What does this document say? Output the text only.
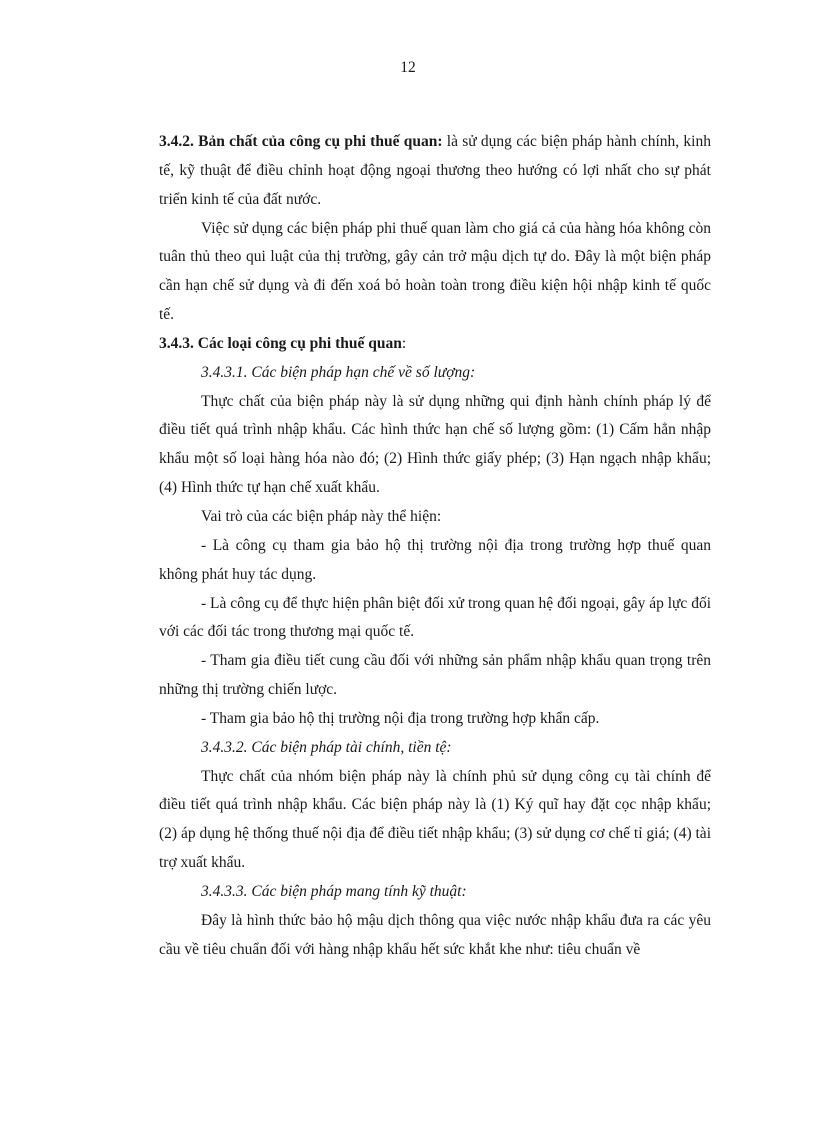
12

3.4.2. Bản chất của công cụ phi thuế quan: là sử dụng các biện pháp hành chính, kinh tế, kỹ thuật để điều chỉnh hoạt động ngoại thương theo hướng có lợi nhất cho sự phát triển kinh tế của đất nước.

Việc sử dụng các biện pháp phi thuế quan làm cho giá cả của hàng hóa không còn tuân thủ theo qui luật của thị trường, gây cản trở mậu dịch tự do. Đây là một biện pháp cần hạn chế sử dụng và đi đến xoá bỏ hoàn toàn trong điều kiện hội nhập kinh tế quốc tế.

3.4.3. Các loại công cụ phi thuế quan:

3.4.3.1. Các biện pháp hạn chế về số lượng:

Thực chất của biện pháp này là sử dụng những qui định hành chính pháp lý để điều tiết quá trình nhập khẩu. Các hình thức hạn chế số lượng gồm: (1) Cấm hẳn nhập khẩu một số loại hàng hóa nào đó; (2) Hình thức giấy phép; (3) Hạn ngạch nhập khẩu; (4) Hình thức tự hạn chế xuất khẩu.

Vai trò của các biện pháp này thể hiện:

- Là công cụ tham gia bảo hộ thị trường nội địa trong trường hợp thuế quan không phát huy tác dụng.

- Là công cụ để thực hiện phân biệt đối xử trong quan hệ đối ngoại, gây áp lực đối với các đối tác trong thương mại quốc tế.

- Tham gia điều tiết cung cầu đối với những sản phẩm nhập khẩu quan trọng trên những thị trường chiến lược.

- Tham gia bảo hộ thị trường nội địa trong trường hợp khẩn cấp.

3.4.3.2. Các biện pháp tài chính, tiền tệ:

Thực chất của nhóm biện pháp này là chính phủ sử dụng công cụ tài chính để điều tiết quá trình nhập khẩu. Các biện pháp này là (1) Ký quĩ hay đặt cọc nhập khẩu; (2) áp dụng hệ thống thuế nội địa để điều tiết nhập khẩu; (3) sử dụng cơ chế tỉ giá; (4) tài trợ xuất khẩu.

3.4.3.3. Các biện pháp mang tính kỹ thuật:

Đây là hình thức bảo hộ mậu dịch thông qua việc nước nhập khẩu đưa ra các yêu cầu về tiêu chuẩn đối với hàng nhập khẩu hết sức khắt khe như: tiêu chuẩn về
